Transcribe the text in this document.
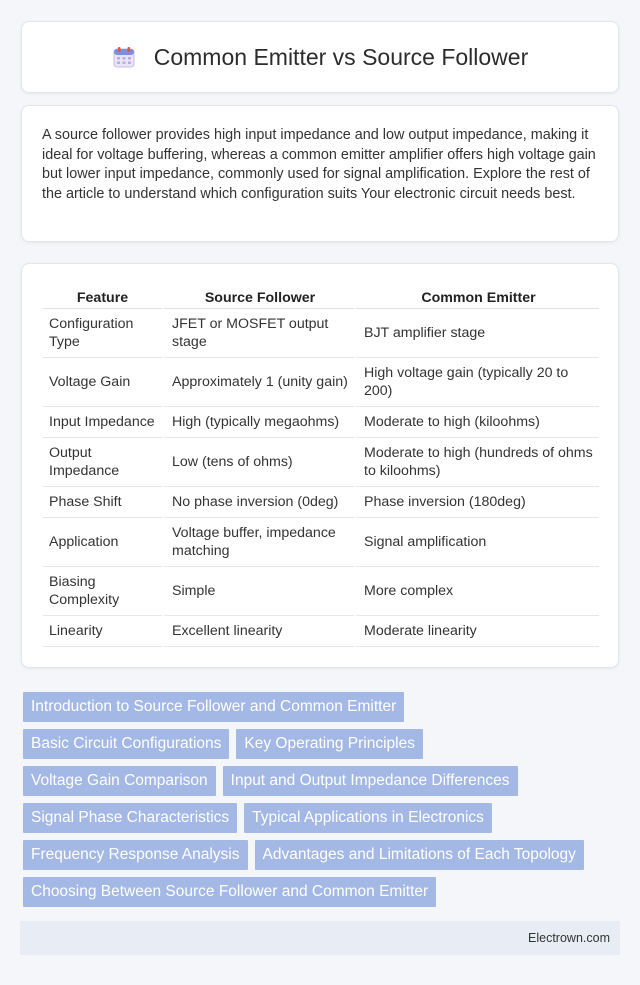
Common Emitter vs Source Follower

A source follower provides high input impedance and low output impedance, making it ideal for voltage buffering, whereas a common emitter amplifier offers high voltage gain but lower input impedance, commonly used for signal amplification. Explore the rest of the article to understand which configuration suits Your electronic circuit needs best.

Feature	Source Follower	Common Emitter
Configuration Type	JFET or MOSFET output stage	BJT amplifier stage
Voltage Gain	Approximately 1 (unity gain)	High voltage gain (typically 20 to 200)
Input Impedance	High (typically megaohms)	Moderate to high (kiloohms)
Output Impedance	Low (tens of ohms)	Moderate to high (hundreds of ohms to kiloohms)
Phase Shift	No phase inversion (0deg)	Phase inversion (180deg)
Application	Voltage buffer, impedance matching	Signal amplification
Biasing Complexity	Simple	More complex
Linearity	Excellent linearity	Moderate linearity
Introduction to Source Follower and Common Emitter
Basic Circuit Configurations	Key Operating Principles
Voltage Gain Comparison	Input and Output Impedance Differences
Signal Phase Characteristics	Typical Applications in Electronics
Frequency Response Analysis	Advantages and Limitations of Each Topology
Choosing Between Source Follower and Common Emitter
Electrown.com
